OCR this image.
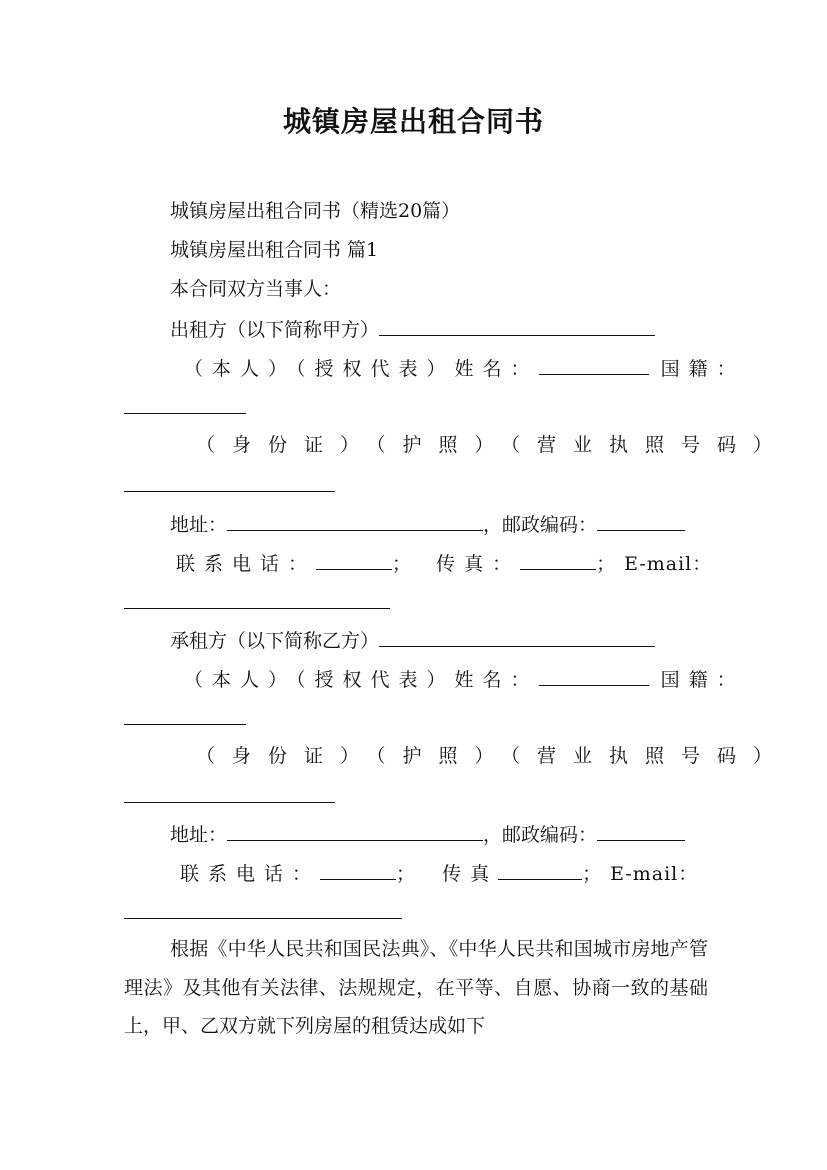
城镇房屋出租合同书
城镇房屋出租合同书（精选20篇）
城镇房屋出租合同书 篇1
本合同双方当事人：
出租方（以下简称甲方）
（本人）（授权代表）姓名：	国籍：
（身份证）（护照）（营业执照号码）
地址：	，邮政编码：
联系电话：	； 传真：	；E-mail：
承租方（以下简称乙方）
（本人）（授权代表）姓名：	国籍：
（身份证）（护照）（营业执照号码）
地址：	，邮政编码：
联系电话：	； 传真	；E-mail：
根据《中华人民共和国民法典》、《中华人民共和国城市房地产管理法》及其他有关法律、法规规定，在平等、自愿、协商一致的基础上，甲、乙双方就下列房屋的租赁达成如下
